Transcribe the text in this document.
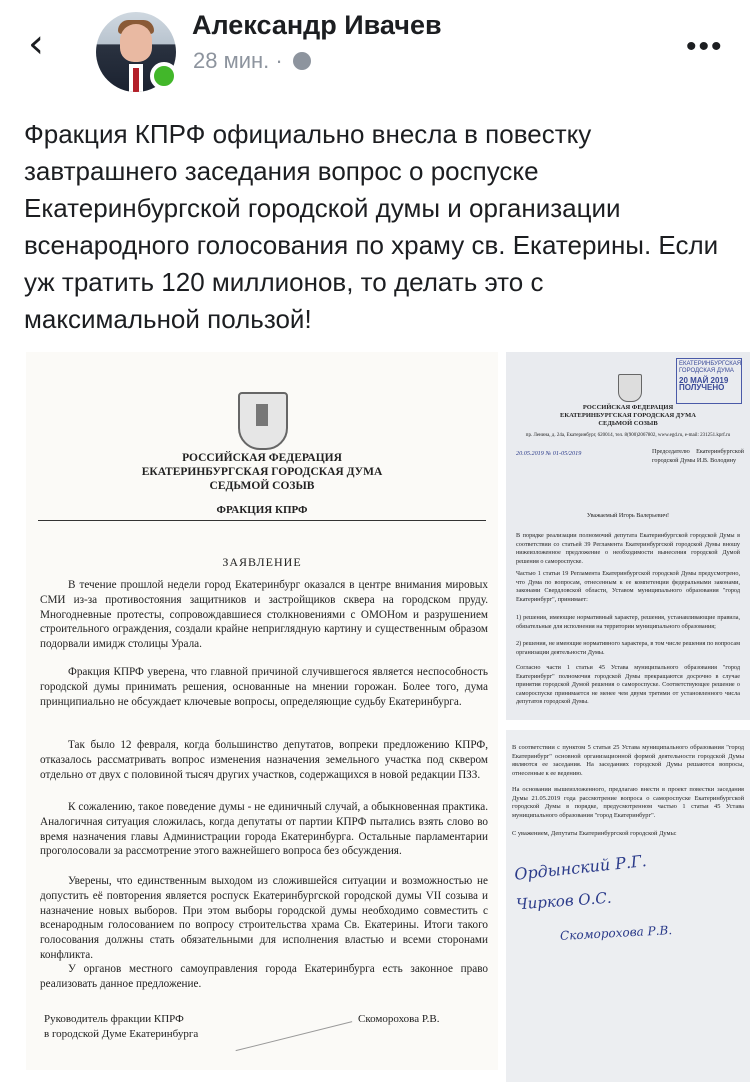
‹	Александр Ивачев
28 мин. ·	•••
Фракция КПРФ официально внесла в повестку завтрашнего заседания вопрос о роспуске Екатеринбургской городской думы и организации всенародного голосования по храму св. Екатерины. Если уж тратить 120 миллионов, то делать это с максимальной пользой!
РОССИЙСКАЯ ФЕДЕРАЦИЯ
ЕКАТЕРИНБУРГСКАЯ ГОРОДСКАЯ ДУМА
СЕДЬМОЙ СОЗЫВ
ФРАКЦИЯ КПРФ
ЗАЯВЛЕНИЕ
В течение прошлой недели город Екатеринбург оказался в центре внимания мировых СМИ из-за противостояния защитников и застройщиков сквера на городском пруду. Многодневные протесты, сопровождавшиеся столкновениями с ОМОНом и разрушением строительного ограждения, создали крайне неприглядную картину и существенным образом подорвали имидж столицы Урала.
Фракция КПРФ уверена, что главной причиной случившегося является неспособность городской думы принимать решения, основанные на мнении горожан. Более того, дума принципиально не обсуждает ключевые вопросы, определяющие судьбу Екатеринбурга.
Так было 12 февраля, когда большинство депутатов, вопреки предложению КПРФ, отказалось рассматривать вопрос изменения назначения земельного участка под сквером отдельно от двух с половиной тысяч других участков, содержащихся в новой редакции ПЗЗ.
К сожалению, такое поведение думы - не единичный случай, а обыкновенная практика. Аналогичная ситуация сложилась, когда депутаты от партии КПРФ пытались взять слово во время назначения главы Администрации города Екатеринбурга. Остальные парламентарии проголосовали за рассмотрение этого важнейшего вопроса без обсуждения.
Уверены, что единственным выходом из сложившейся ситуации и возможностью не допустить её повторения является роспуск Екатеринбургской городской думы VII созыва и назначение новых выборов. При этом выборы городской думы необходимо совместить с всенародным голосованием по вопросу строительства храма Св. Екатерины. Итоги такого голосования должны стать обязательными для исполнения властью и всеми сторонами конфликта.
У органов местного самоуправления города Екатеринбурга есть законное право реализовать данное предложение.
Руководитель фракции КПРФ
в городской Думе Екатеринбурга
Скоморохова Р.В.
ЕКАТЕРИНБУРГСКАЯ ГОРОДСКАЯ ДУМА
20 МАЙ 2019
ПОЛУЧЕНО
РОССИЙСКАЯ ФЕДЕРАЦИЯ
ЕКАТЕРИНБУРГСКАЯ ГОРОДСКАЯ ДУМА
СЕДЬМОЙ СОЗЫВ
пр. Ленина, д. 24а, Екатеринбург, 620014, тел. 8(900)2067802, www.egd.ru, e-mail: 231251.kprf.ru
20.05.2019 № 01-05/2019	Председателю Екатеринбургской городской Думы И.В. Володину
Уважаемый Игорь Валерьевич!
В порядке реализации полномочий депутата Екатеринбургской городской Думы в соответствии со статьей 39 Регламента Екатеринбургской городской Думы вношу нижеизложенное предложение о необходимости вынесения городской Думой решения о самороспуске.
Частью 1 статьи 19 Регламента Екатеринбургской городской Думы предусмотрено, что Дума по вопросам, отнесенным к ее компетенции федеральными законами, законами Свердловской области, Уставом муниципального образования "город Екатеринбург", принимает:
1) решения, имеющие нормативный характер, решения, устанавливающие правила, обязательные для исполнения на территории муниципального образования;
2) решения, не имеющие нормативного характера, в том числе решения по вопросам организации деятельности Думы.
Согласно части 1 статьи 45 Устава муниципального образования "город Екатеринбург" полномочия городской Думы прекращаются досрочно в случае принятия городской Думой решения о самороспуске. Соответствующее решение о самороспуске принимается не менее чем двумя третями от установленного числа депутатов городской Думы.
В соответствии с пунктом 5 статьи 25 Устава муниципального образования "город Екатеринбург" основной организационной формой деятельности городской Думы являются ее заседания. На заседаниях городской Думы решаются вопросы, отнесенные к ее ведению.
На основании вышеизложенного, предлагаю внести в проект повестки заседания Думы 21.05.2019 года рассмотрение вопроса о самороспуске Екатеринбургской городской Думы в порядке, предусмотренном частью 1 статьи 45 Устава муниципального образования "город Екатеринбург".
С уважением, Депутаты Екатеринбургской городской Думы:
Ордынский Р.Г.
Чирков О.С.
Скоморохова Р.В.
